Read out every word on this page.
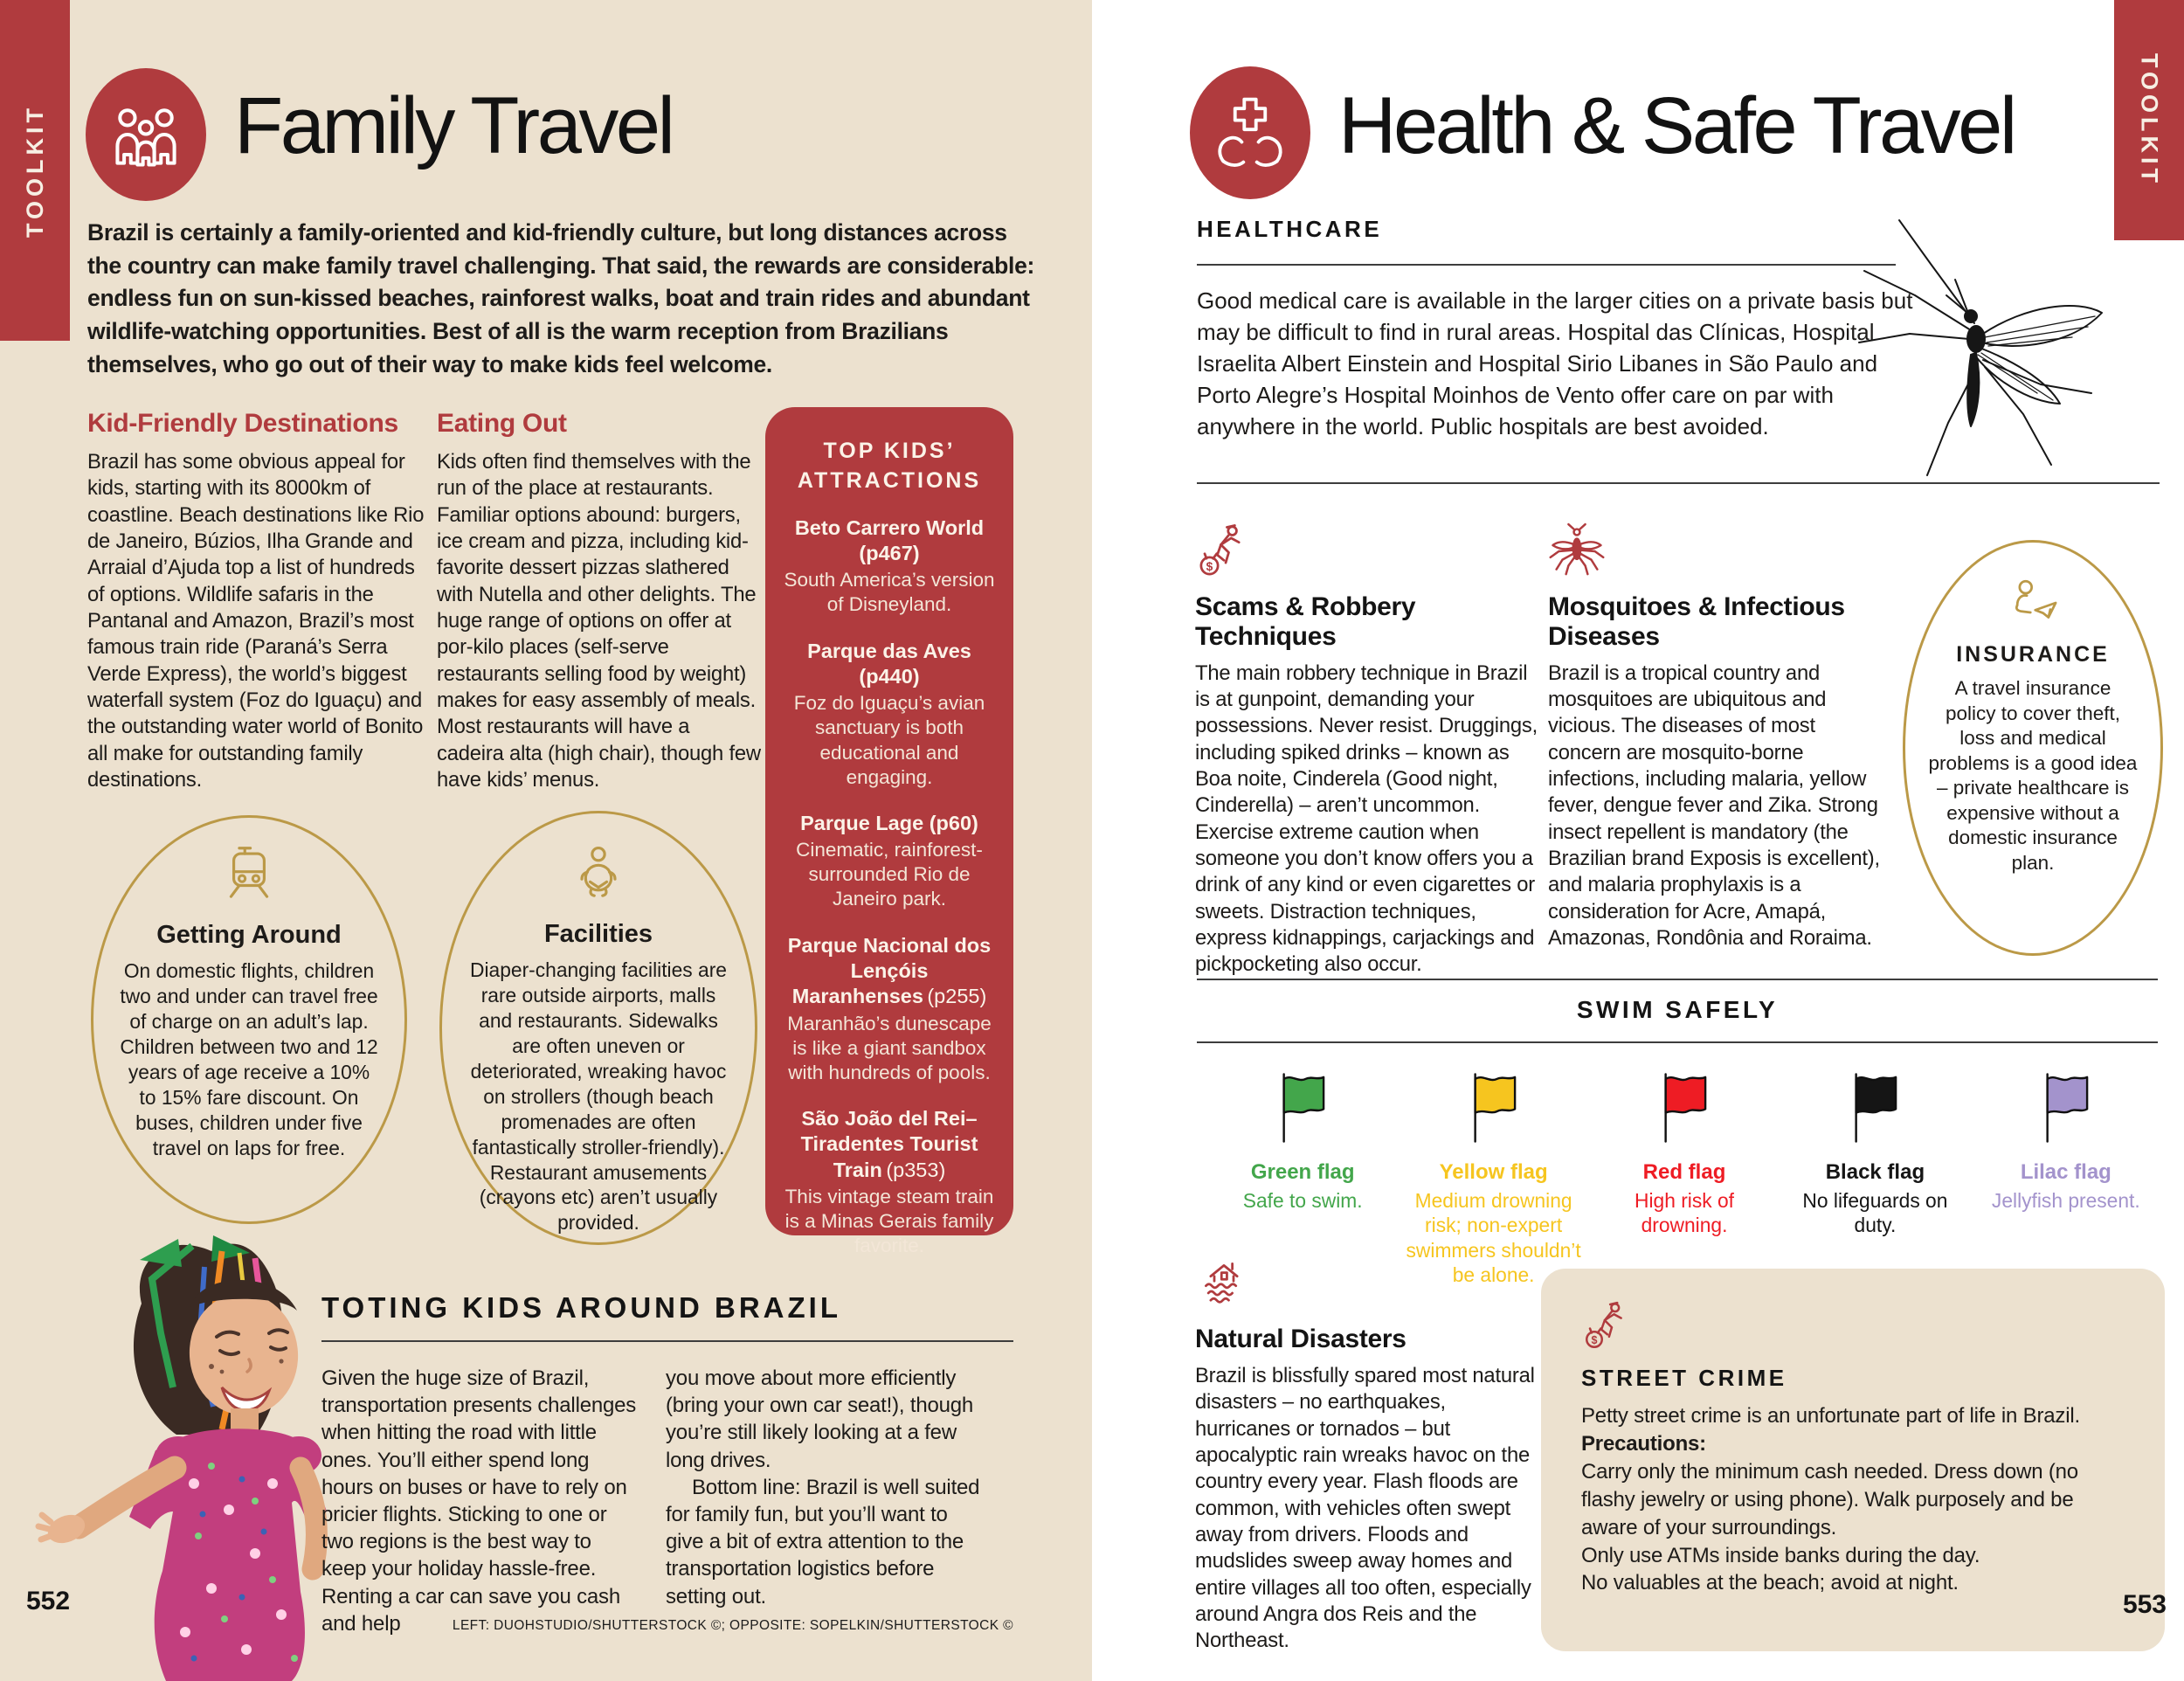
TOOLKIT Family Travel

Brazil is certainly a family-oriented and kid-friendly culture, but long distances across the country can make family travel challenging. That said, the rewards are considerable: endless fun on sun-kissed beaches, rainforest walks, boat and train rides and abundant wildlife-watching opportunities. Best of all is the warm reception from Brazilians themselves, who go out of their way to make kids feel welcome.

Kid-Friendly Destinations

Brazil has some obvious appeal for kids, starting with its 8000km of coastline. Beach destinations like Rio de Janeiro, Búzios, Ilha Grande and Arraial d’Ajuda top a list of hundreds of options. Wildlife safaris in the Pantanal and Amazon, Brazil’s most famous train ride (Paraná’s Serra Verde Express), the world’s biggest waterfall system (Foz do Iguaçu) and the outstanding water world of Bonito all make for outstanding family destinations.

Eating Out

Kids often find themselves with the run of the place at restaurants. Familiar options abound: burgers, ice cream and pizza, including kid-favorite dessert pizzas slathered with Nutella and other delights. The huge range of options on offer at por-kilo places (self-serve restaurants selling food by weight) makes for easy assembly of meals. Most restaurants will have a cadeira alta (high chair), though few have kids’ menus.

TOP KIDS’ ATTRACTIONS
Beto Carrero World (p467)
South America’s version of Disneyland.
Parque das Aves (p440)
Foz do Iguaçu’s avian sanctuary is both educational and engaging.
Parque Lage (p60)
Cinematic, rainforest-surrounded Rio de Janeiro park.
Parque Nacional dos Lençóis Maranhenses (p255)
Maranhão’s dunescape is like a giant sandbox with hundreds of pools.
São João del Rei–Tiradentes Tourist Train (p353)
This vintage steam train is a Minas Gerais family favorite.
Getting Around

On domestic flights, children two and under can travel free of charge on an adult’s lap. Children between two and 12 years of age receive a 10% to 15% fare discount. On buses, children under five travel on laps for free.

Facilities

Diaper-changing facilities are rare outside airports, malls and restaurants. Sidewalks are often uneven or deteriorated, wreaking havoc on strollers (though beach promenades are often fantastically stroller-friendly). Restaurant amusements (crayons etc) aren’t usually provided.

TOTING KIDS AROUND BRAZIL

Given the huge size of Brazil, transportation presents challenges when hitting the road with little ones. You’ll either spend long hours on buses or have to rely on pricier flights. Sticking to one or two regions is the best way to keep your holiday hassle-free. Renting a car can save you cash and help

you move about more efficiently (bring your own car seat!), though you’re still likely looking at a few long drives.

Bottom line: Brazil is well suited for family fun, but you’ll want to give a bit of extra attention to the transportation logistics before setting out.

LEFT: DUOHSTUDIO/SHUTTERSTOCK ©; OPPOSITE: SOPELKIN/SHUTTERSTOCK ©
552
TOOLKIT
Health & Safe Travel
HEALTHCARE

Good medical care is available in the larger cities on a private basis but may be difficult to find in rural areas. Hospital das Clínicas, Hospital Israelita Albert Einstein and Hospital Sirio Libanes in São Paulo and Porto Alegre’s Hospital Moinhos de Vento offer care on par with anywhere in the world. Public hospitals are best avoided.

$
Scams & Robbery Techniques

The main robbery technique in Brazil is at gunpoint, demanding your possessions. Never resist. Druggings, including spiked drinks – known as Boa noite, Cinderela (Good night, Cinderella) – aren’t uncommon. Exercise extreme caution when someone you don’t know offers you a drink of any kind or even cigarettes or sweets. Distraction techniques, express kidnappings, carjackings and pickpocketing also occur.

Mosquitoes & Infectious Diseases

Brazil is a tropical country and mosquitoes are ubiquitous and vicious. The diseases of most concern are mosquito-borne infections, including malaria, yellow fever, dengue fever and Zika. Strong insect repellent is mandatory (the Brazilian brand Exposis is excellent), and malaria prophylaxis is a consideration for Acre, Amapá, Amazonas, Rondônia and Roraima.

INSURANCE

A travel insurance policy to cover theft, loss and medical problems is a good idea – private healthcare is expensive without a domestic insurance plan.

SWIM SAFELY
Green flag
Safe to swim.
Yellow flag
Medium drowning risk; non-expert swimmers shouldn’t be alone.
Red flag
High risk of drowning.
Black flag
No lifeguards on duty.
Lilac flag
Jellyfish present.
Natural Disasters

Brazil is blissfully spared most natural disasters – no earthquakes, hurricanes or tornados – but apocalyptic rain wreaks havoc on the country every year. Flash floods are common, with vehicles often swept away from drivers. Floods and mudslides sweep away homes and entire villages all too often, especially around Angra dos Reis and the Northeast.

$
STREET CRIME

Petty street crime is an unfortunate part of life in Brazil.

Precautions:

Carry only the minimum cash needed. Dress down (no flashy jewelry or using phone). Walk purposely and be aware of your surroundings.

Only use ATMs inside banks during the day.

No valuables at the beach; avoid at night.

553
